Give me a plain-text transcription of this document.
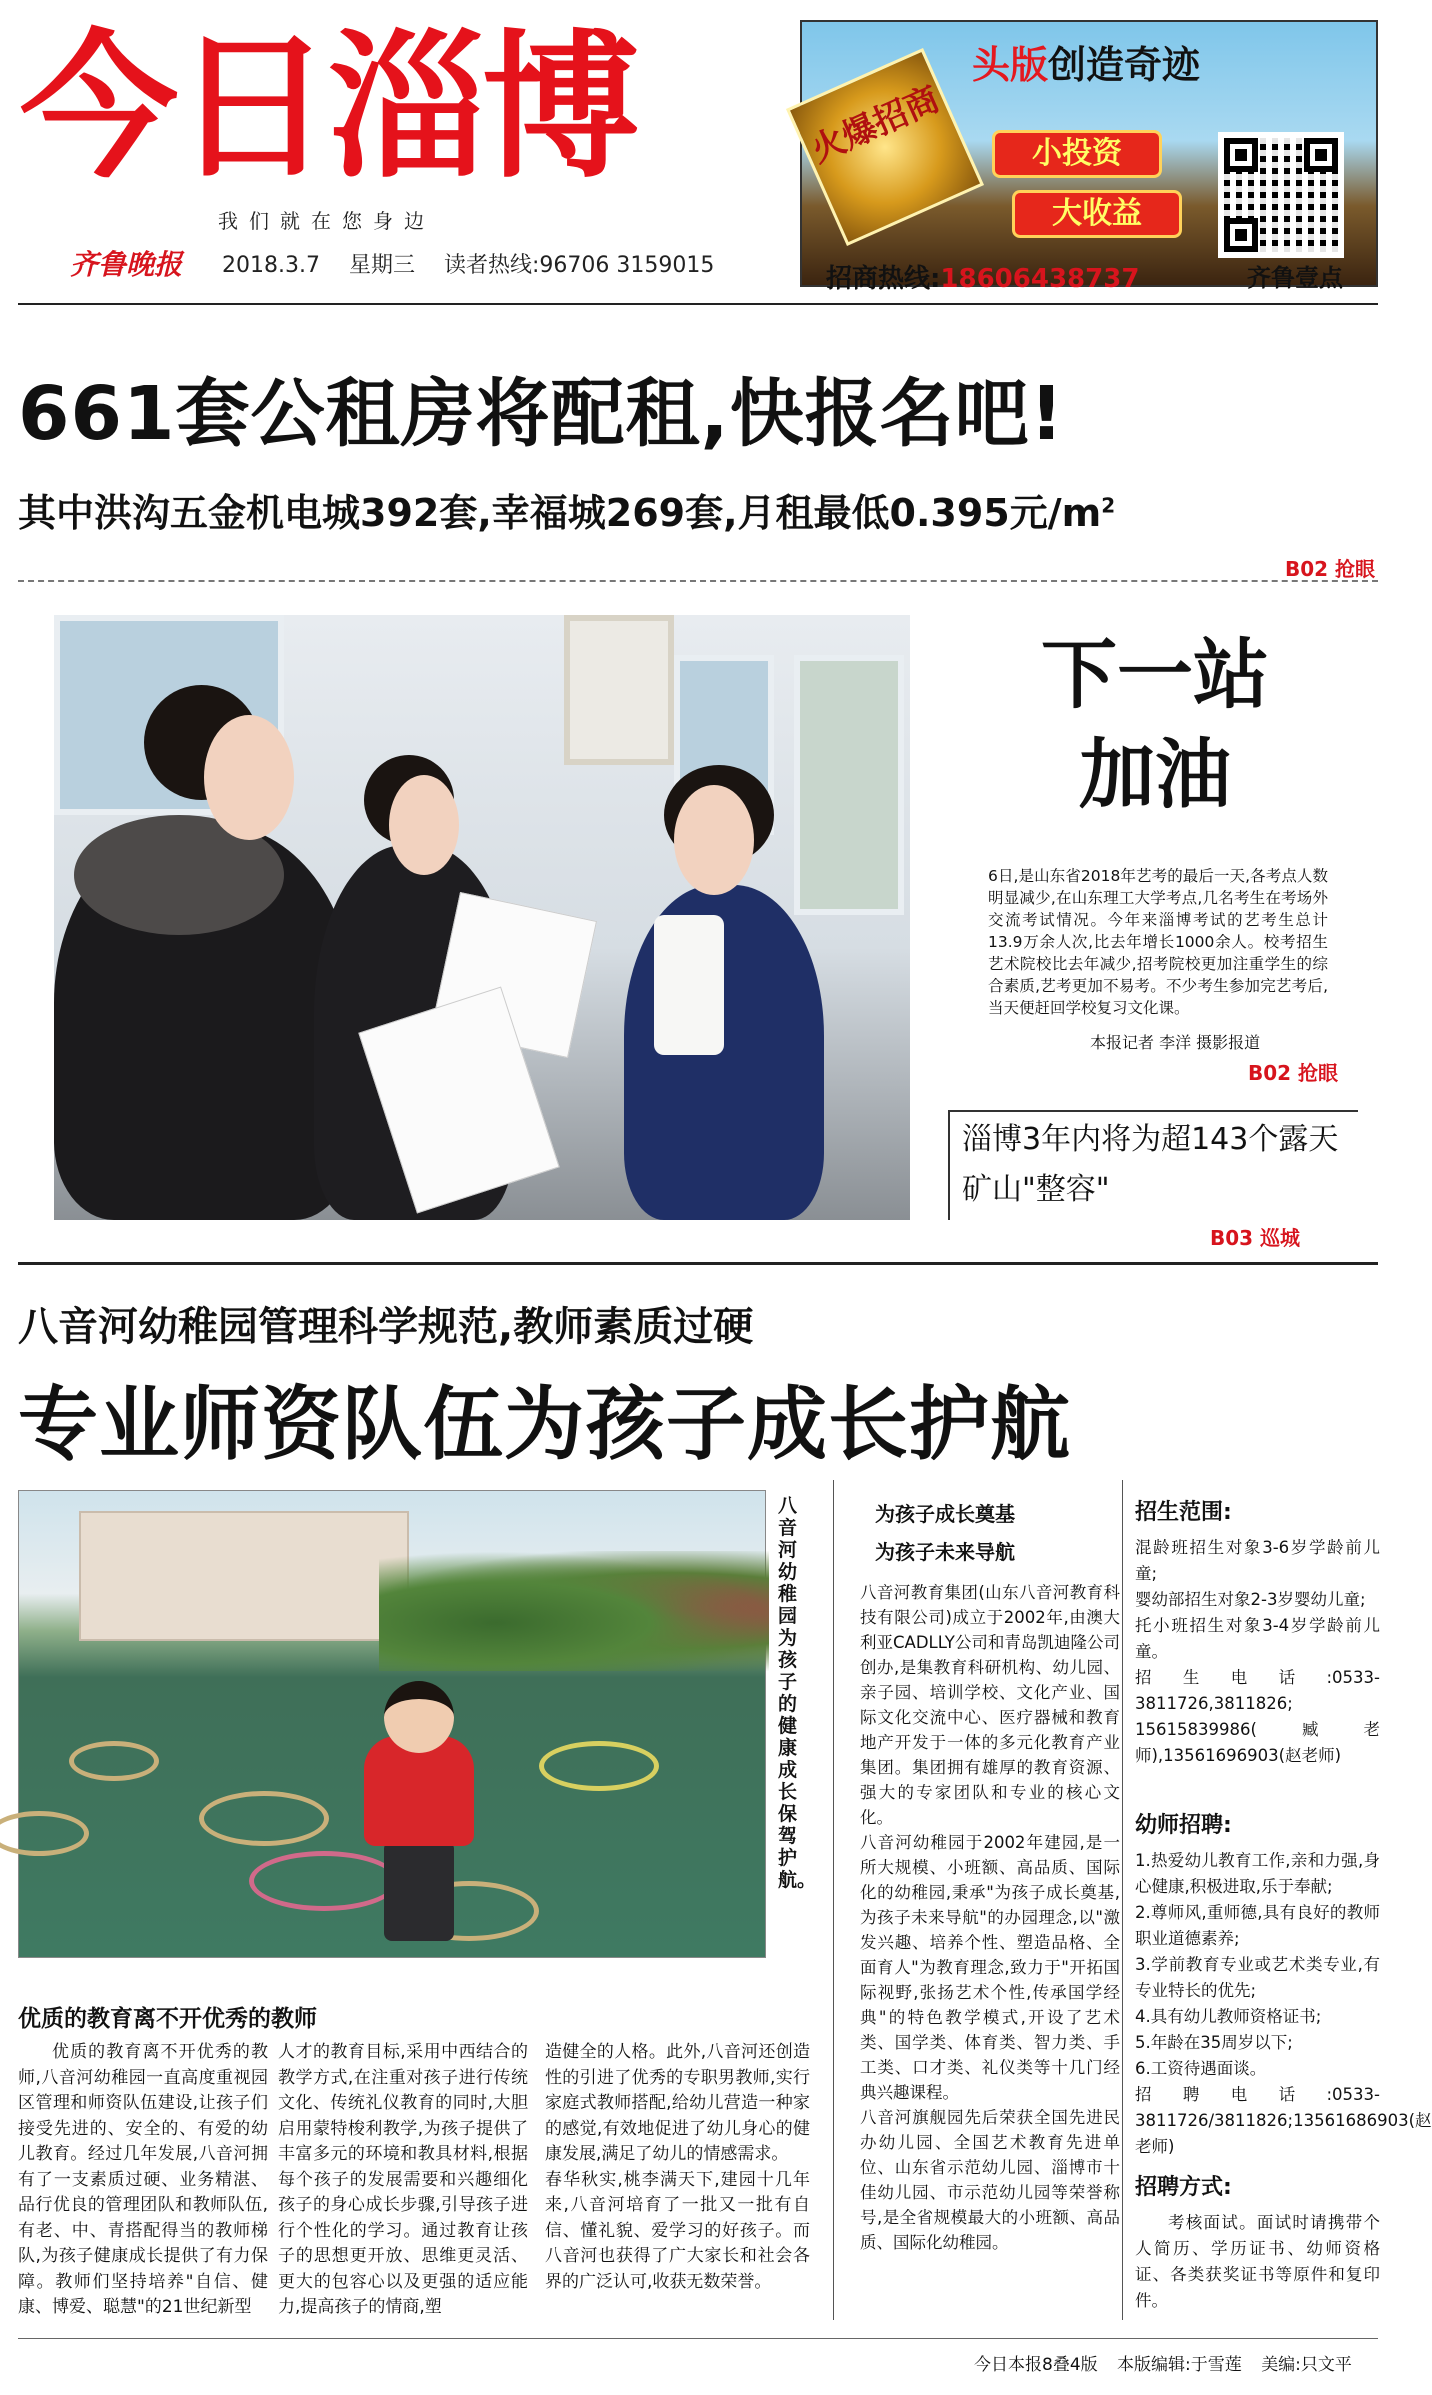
今日淄博
我们就在您身边
齐鲁晚报 2018.3.7 星期三 读者热线:96706 3159015
头版创造奇迹
火爆招商	小投资
大收益
招商热线:18606438737	齐鲁壹点
661套公租房将配租,快报名吧!
其中洪沟五金机电城392套,幸福城269套,月租最低0.395元$/m^2$
B02 抢眼
下一站
加油
6日,是山东省2018年艺考的最后一天,各考点人数明显减少,在山东理工大学考点,几名考生在考场外交流考试情况。今年来淄博考试的艺考生总计13.9万余人次,比去年增长1000余人。校考招生艺术院校比去年减少,招考院校更加注重学生的综合素质,艺考更加不易考。不少考生参加完艺考后,当天便赶回学校复习文化课。
本报记者 李洋 摄影报道
B02 抢眼
淄博3年内将为超143个露天矿山"整容"
B03 巡城
八音河幼稚园管理科学规范,教师素质过硬
专业师资队伍为孩子成长护航
八音河幼稚园为孩子的健康成长保驾护航。
优质的教育离不开优秀的教师
优质的教育离不开优秀的教师,八音河幼稚园一直高度重视园区管理和师资队伍建设,让孩子们接受先进的、安全的、有爱的幼儿教育。经过几年发展,八音河拥有了一支素质过硬、业务精湛、品行优良的管理团队和教师队伍,有老、中、青搭配得当的教师梯队,为孩子健康成长提供了有力保障。教师们坚持培养"自信、健康、博爱、聪慧"的21世纪新型
人才的教育目标,采用中西结合的教学方式,在注重对孩子进行传统文化、传统礼仪教育的同时,大胆启用蒙特梭利教学,为孩子提供了丰富多元的环境和教具材料,根据每个孩子的发展需要和兴趣细化孩子的身心成长步骤,引导孩子进行个性化的学习。通过教育让孩子的思想更开放、思维更灵活、更大的包容心以及更强的适应能力,提高孩子的情商,塑
造健全的人格。此外,八音河还创造性的引进了优秀的专职男教师,实行家庭式教师搭配,给幼儿营造一种家的感觉,有效地促进了幼儿身心的健康发展,满足了幼儿的情感需求。
春华秋实,桃李满天下,建园十几年来,八音河培育了一批又一批有自信、懂礼貌、爱学习的好孩子。而八音河也获得了广大家长和社会各界的广泛认可,收获无数荣誉。
为孩子成长奠基
为孩子未来导航
八音河教育集团(山东八音河教育科技有限公司)成立于2002年,由澳大利亚CADLLY公司和青岛凯迪隆公司创办,是集教育科研机构、幼儿园、亲子园、培训学校、文化产业、国际文化交流中心、医疗器械和教育地产开发于一体的多元化教育产业集团。集团拥有雄厚的教育资源、强大的专家团队和专业的核心文化。
八音河幼稚园于2002年建园,是一所大规模、小班额、高品质、国际化的幼稚园,秉承"为孩子成长奠基,为孩子未来导航"的办园理念,以"激发兴趣、培养个性、塑造品格、全面育人"为教育理念,致力于"开拓国际视野,张扬艺术个性,传承国学经典"的特色教学模式,开设了艺术类、国学类、体育类、智力类、手工类、口才类、礼仪类等十几门经典兴趣课程。
八音河旗舰园先后荣获全国先进民办幼儿园、全国艺术教育先进单位、山东省示范幼儿园、淄博市十佳幼儿园、市示范幼儿园等荣誉称号,是全省规模最大的小班额、高品质、国际化幼稚园。
招生范围:
混龄班招生对象3-6岁学龄前儿童;
婴幼部招生对象2-3岁婴幼儿童;
托小班招生对象3-4岁学龄前儿童。
招生电话:0533-3811726,3811826;
15615839986(臧老师),13561696903(赵老师)
幼师招聘:
1.热爱幼儿教育工作,亲和力强,身心健康,积极进取,乐于奉献;
2.尊师风,重师德,具有良好的教师职业道德素养;
3.学前教育专业或艺术类专业,有专业特长的优先;
4.具有幼儿教师资格证书;
5.年龄在35周岁以下;
6.工资待遇面谈。
招聘电话:0533-3811726/3811826;13561686903(赵老师)
招聘方式:
考核面试。面试时请携带个人简历、学历证书、幼师资格证、各类获奖证书等原件和复印件。
今日本报8叠4版 本版编辑:于雪莲 美编:只文平
